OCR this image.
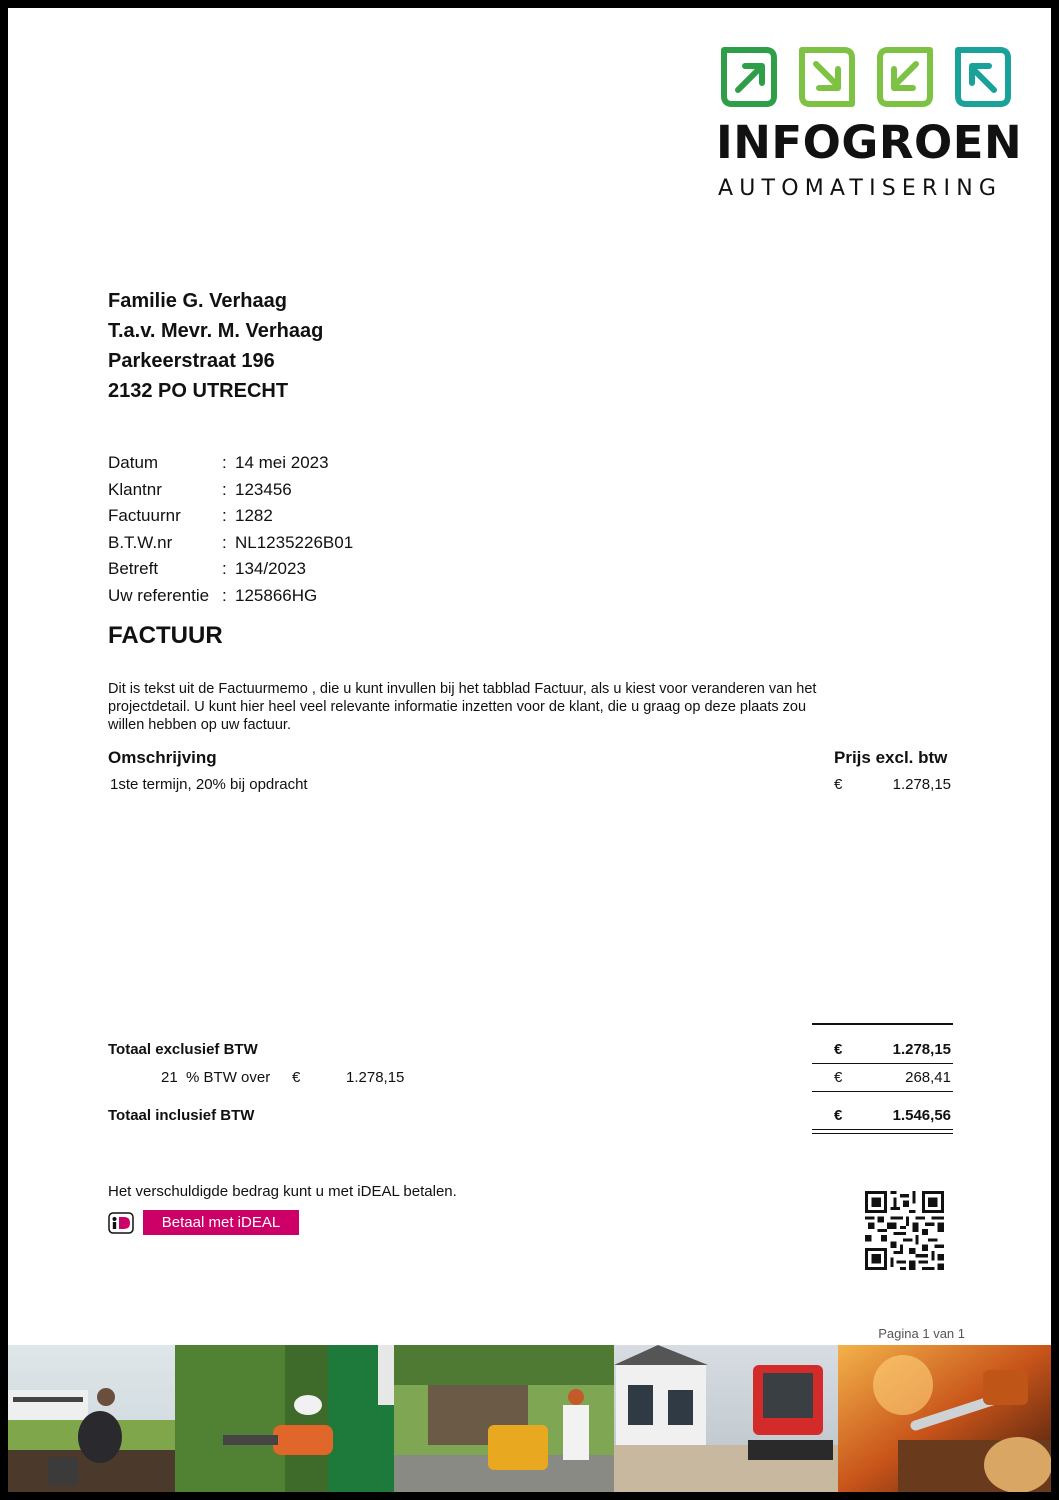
INFOGROEN
AUTOMATISERING
Familie G. Verhaag
T.a.v. Mevr. M. Verhaag
Parkeerstraat 196
2132 PO UTRECHT
Datum	: 14 mei 2023
Klantnr	: 123456
Factuurnr : 1282
B.T.W.nr	: NL1235226B01
Betreft	: 134/2023
Uw referentie : 125866HG
FACTUUR
Dit is tekst uit de Factuurmemo , die u kunt invullen bij het tabblad Factuur, als u kiest voor veranderen van het projectdetail. U kunt hier heel veel relevante informatie inzetten voor de klant, die u graag op deze plaats zou willen hebben op uw factuur.
Omschrijving	Prijs excl. btw
1ste termijn, 20% bij opdracht	€	1.278,15
Totaal exclusief BTW	€	1.278,15
21 % BTW over €	1.278,15	€	268,41
Totaal inclusief BTW	€	1.546,56
Het verschuldigde bedrag kunt u met iDEAL betalen.
Betaal met iDEAL
Pagina 1 van 1
